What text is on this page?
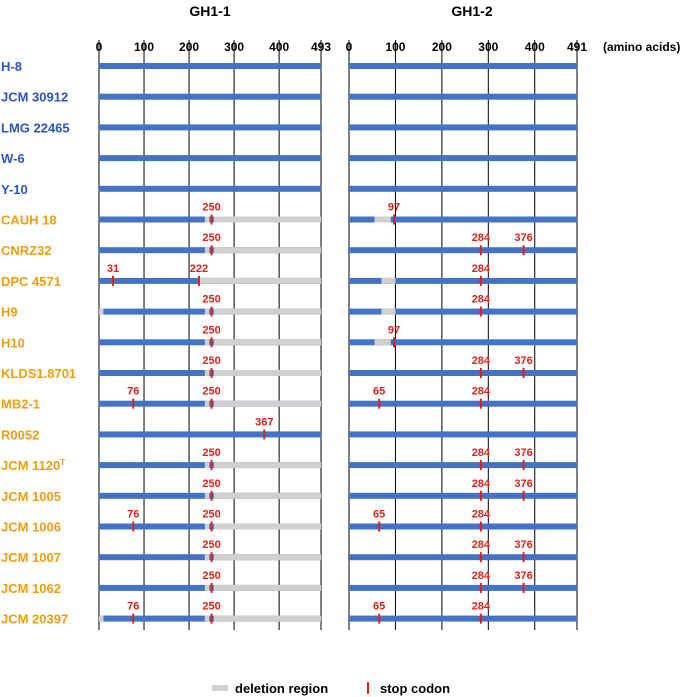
GH1-1
0	100 200 300 400 493
250
250
31	222
250
250
250
76	250
367
250
250
76	250
250
250
76	250
GH1-2
0	100 200 300 400 491
97
284 376
284
284
97
284 376
65	284
284 376
284 376
65	284
284 376
284 376
65	284
(amino acids)
H-8
JCM 30912
LMG 22465
W-6
Y-10
CAUH 18
CNRZ32
DPC 4571
H9
H10
KLDS1.8701
MB2-1
R0052
JCM $1120^T$
JCM 1005
JCM 1006
JCM 1007
JCM 1062
JCM 20397
deletion region	stop codon
